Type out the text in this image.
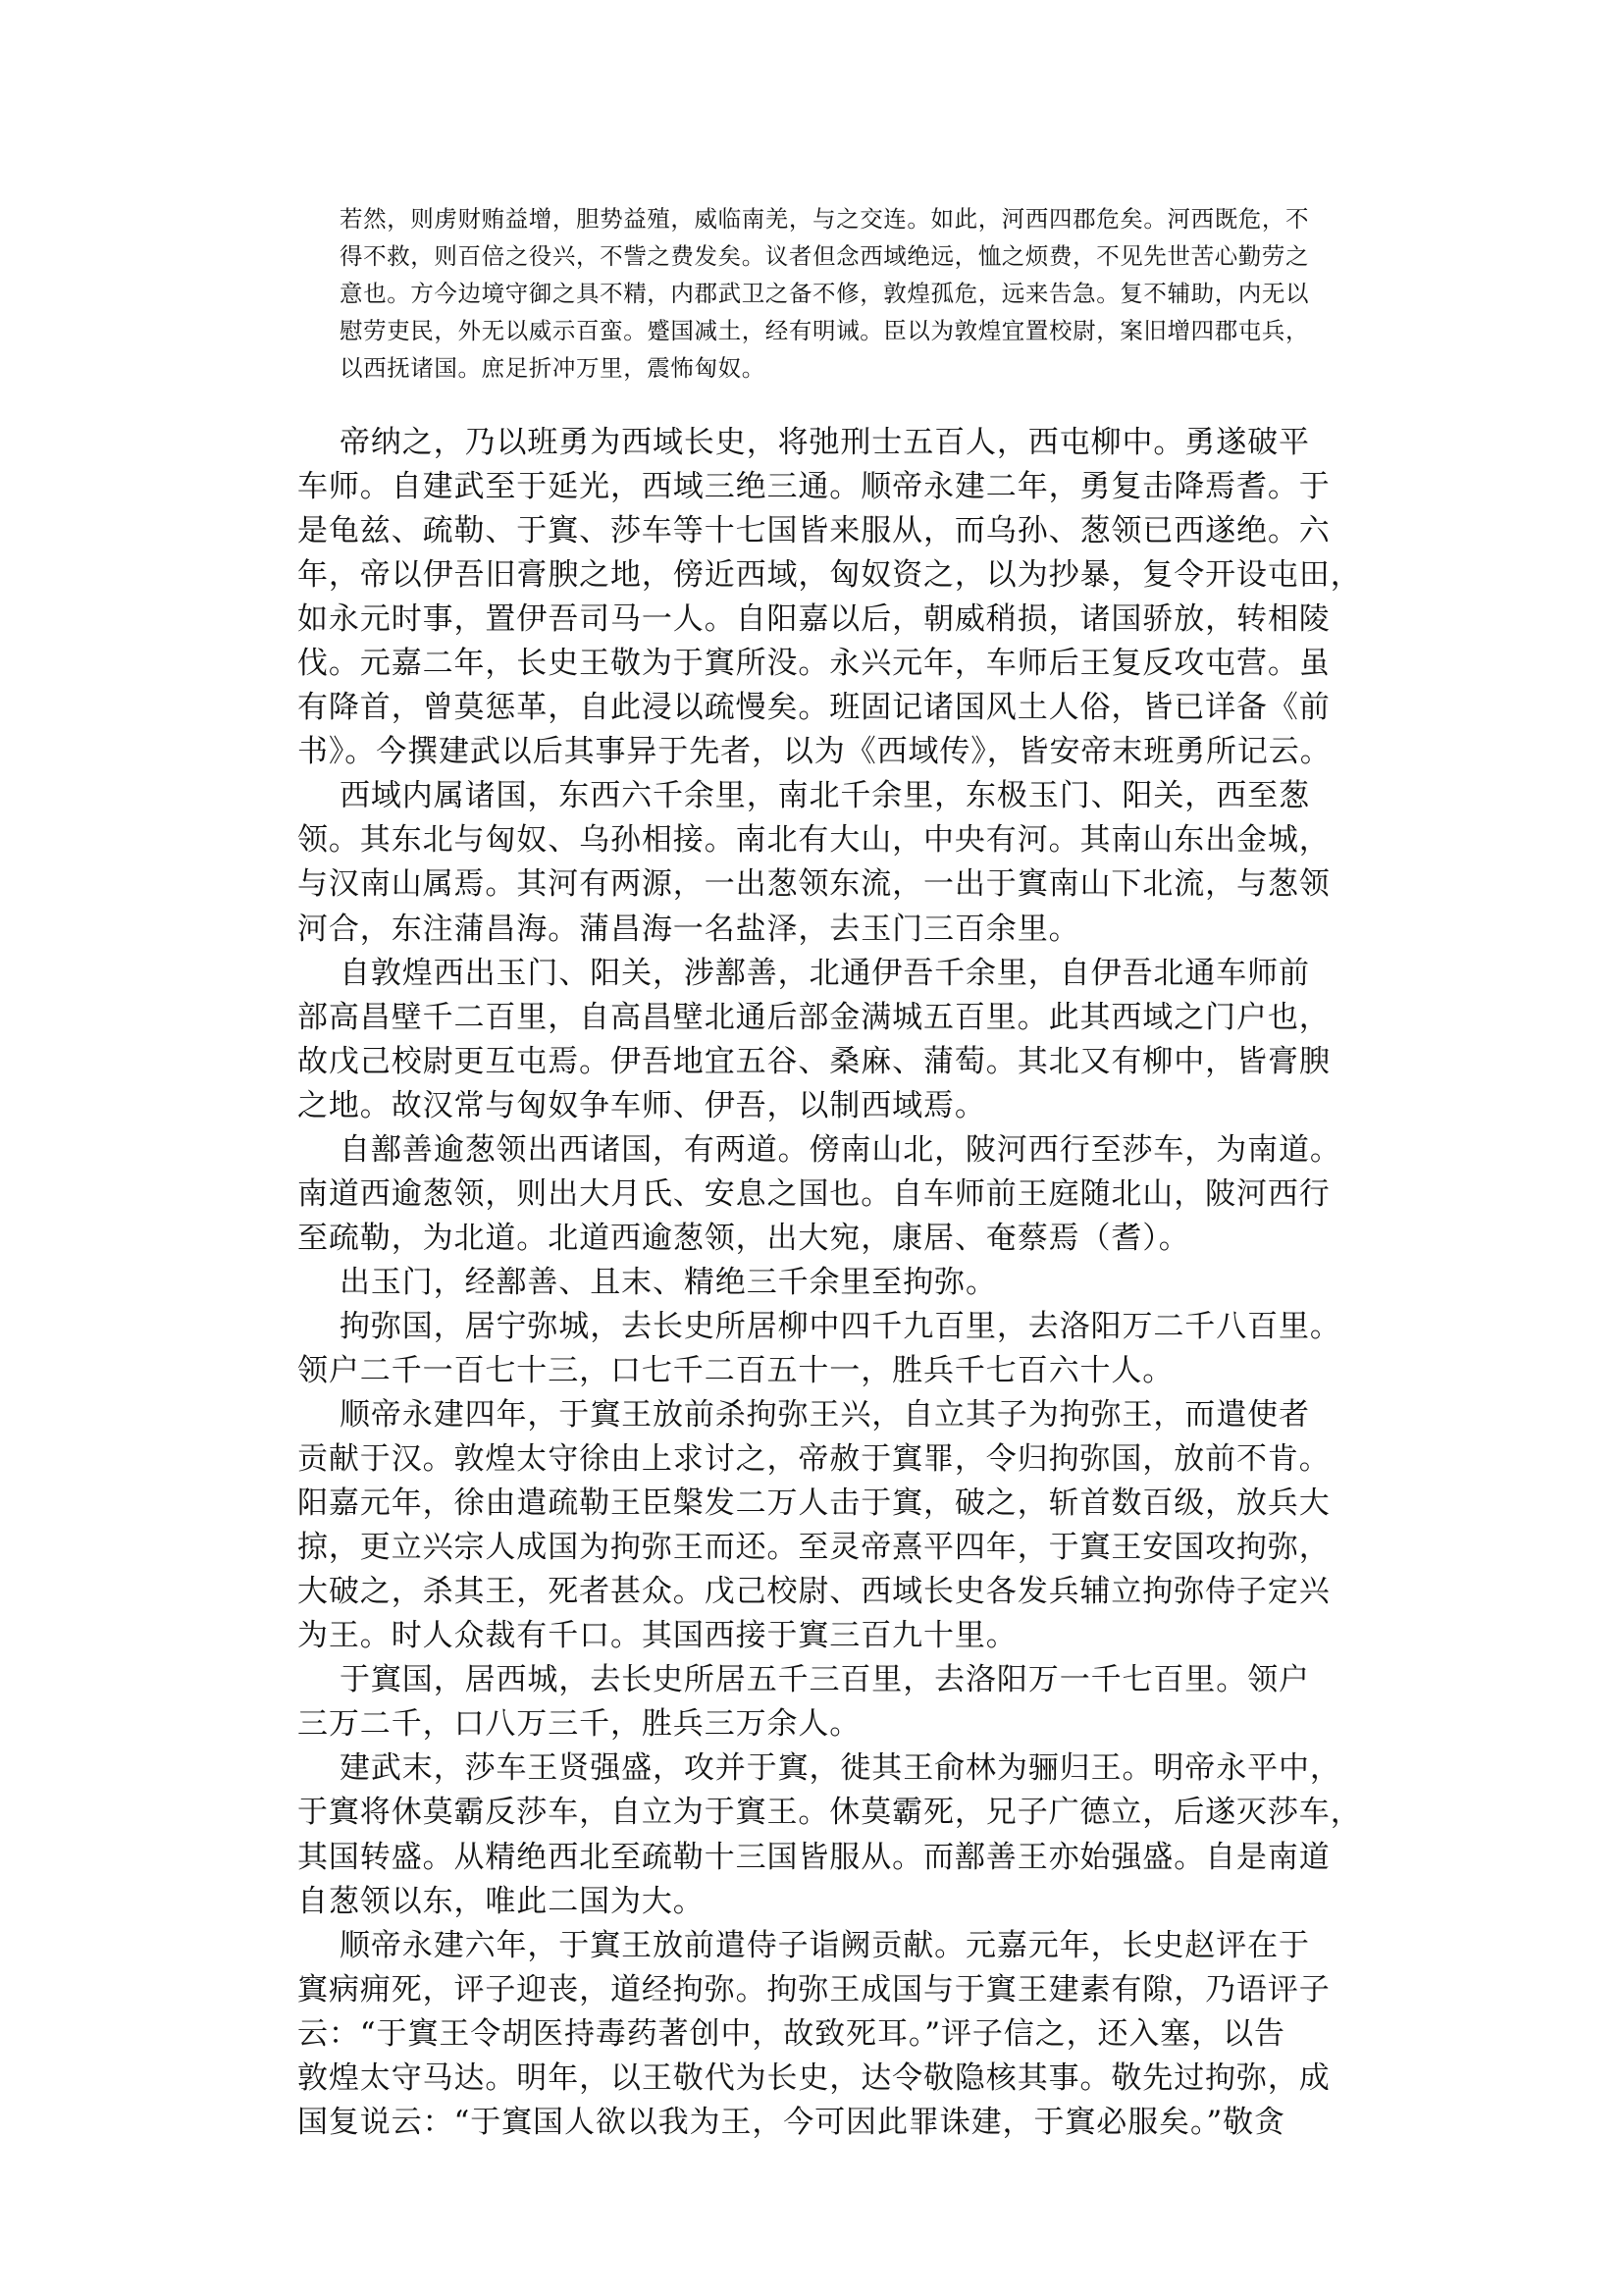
若然，则虏财贿益增，胆势益殖，威临南羌，与之交连。如此，河西四郡危矣。河西既危，不
得不救，则百倍之役兴，不訾之费发矣。议者但念西域绝远，恤之烦费，不见先世苦心勤劳之
意也。方今边境守御之具不精，内郡武卫之备不修，敦煌孤危，远来告急。复不辅助，内无以
慰劳吏民，外无以威示百蛮。蹙国减土，经有明诫。臣以为敦煌宜置校尉，案旧增四郡屯兵，
以西抚诸国。庶足折冲万里，震怖匈奴。
帝纳之，乃以班勇为西域长史，将弛刑士五百人，西屯柳中。勇遂破平
车师。自建武至于延光，西域三绝三通。顺帝永建二年，勇复击降焉耆。于
是龟兹、疏勒、于窴、莎车等十七国皆来服从，而乌孙、葱领已西遂绝。六
年，帝以伊吾旧膏腴之地，傍近西域，匈奴资之，以为抄暴，复令开设屯田，
如永元时事，置伊吾司马一人。自阳嘉以后，朝威稍损，诸国骄放，转相陵
伐。元嘉二年，长史王敬为于窴所没。永兴元年，车师后王复反攻屯营。虽
有降首，曾莫惩革，自此浸以疏慢矣。班固记诸国风土人俗，皆已详备《前
书》。今撰建武以后其事异于先者，以为《西域传》，皆安帝末班勇所记云。
西域内属诸国，东西六千余里，南北千余里，东极玉门、阳关，西至葱
领。其东北与匈奴、乌孙相接。南北有大山，中央有河。其南山东出金城，
与汉南山属焉。其河有两源，一出葱领东流，一出于窴南山下北流，与葱领
河合，东注蒲昌海。蒲昌海一名盐泽，去玉门三百余里。
自敦煌西出玉门、阳关，涉鄯善，北通伊吾千余里，自伊吾北通车师前
部高昌壁千二百里，自高昌壁北通后部金满城五百里。此其西域之门户也，
故戊己校尉更互屯焉。伊吾地宜五谷、桑麻、蒲萄。其北又有柳中，皆膏腴
之地。故汉常与匈奴争车师、伊吾，以制西域焉。
自鄯善逾葱领出西诸国，有两道。傍南山北，陂河西行至莎车，为南道。
南道西逾葱领，则出大月氏、安息之国也。自车师前王庭随北山，陂河西行
至疏勒，为北道。北道西逾葱领，出大宛，康居、奄蔡焉（耆）。
出玉门，经鄯善、且末、精绝三千余里至拘弥。
拘弥国，居宁弥城，去长史所居柳中四千九百里，去洛阳万二千八百里。
领户二千一百七十三，口七千二百五十一，胜兵千七百六十人。
顺帝永建四年，于窴王放前杀拘弥王兴，自立其子为拘弥王，而遣使者
贡献于汉。敦煌太守徐由上求讨之，帝赦于窴罪，令归拘弥国，放前不肯。
阳嘉元年，徐由遣疏勒王臣槃发二万人击于窴，破之，斩首数百级，放兵大
掠，更立兴宗人成国为拘弥王而还。至灵帝熹平四年，于窴王安国攻拘弥，
大破之，杀其王，死者甚众。戊己校尉、西域长史各发兵辅立拘弥侍子定兴
为王。时人众裁有千口。其国西接于窴三百九十里。
于窴国，居西城，去长史所居五千三百里，去洛阳万一千七百里。领户
三万二千，口八万三千，胜兵三万余人。
建武末，莎车王贤强盛，攻并于窴，徙其王俞林为骊归王。明帝永平中，
于窴将休莫霸反莎车，自立为于窴王。休莫霸死，兄子广德立，后遂灭莎车，
其国转盛。从精绝西北至疏勒十三国皆服从。而鄯善王亦始强盛。自是南道
自葱领以东，唯此二国为大。
顺帝永建六年，于窴王放前遣侍子诣阙贡献。元嘉元年，长史赵评在于
窴病痈死，评子迎丧，道经拘弥。拘弥王成国与于窴王建素有隙，乃语评子
云：“于窴王令胡医持毒药著创中，故致死耳。”评子信之，还入塞，以告
敦煌太守马达。明年，以王敬代为长史，达令敬隐核其事。敬先过拘弥，成
国复说云：“于窴国人欲以我为王，今可因此罪诛建，于窴必服矣。”敬贪
